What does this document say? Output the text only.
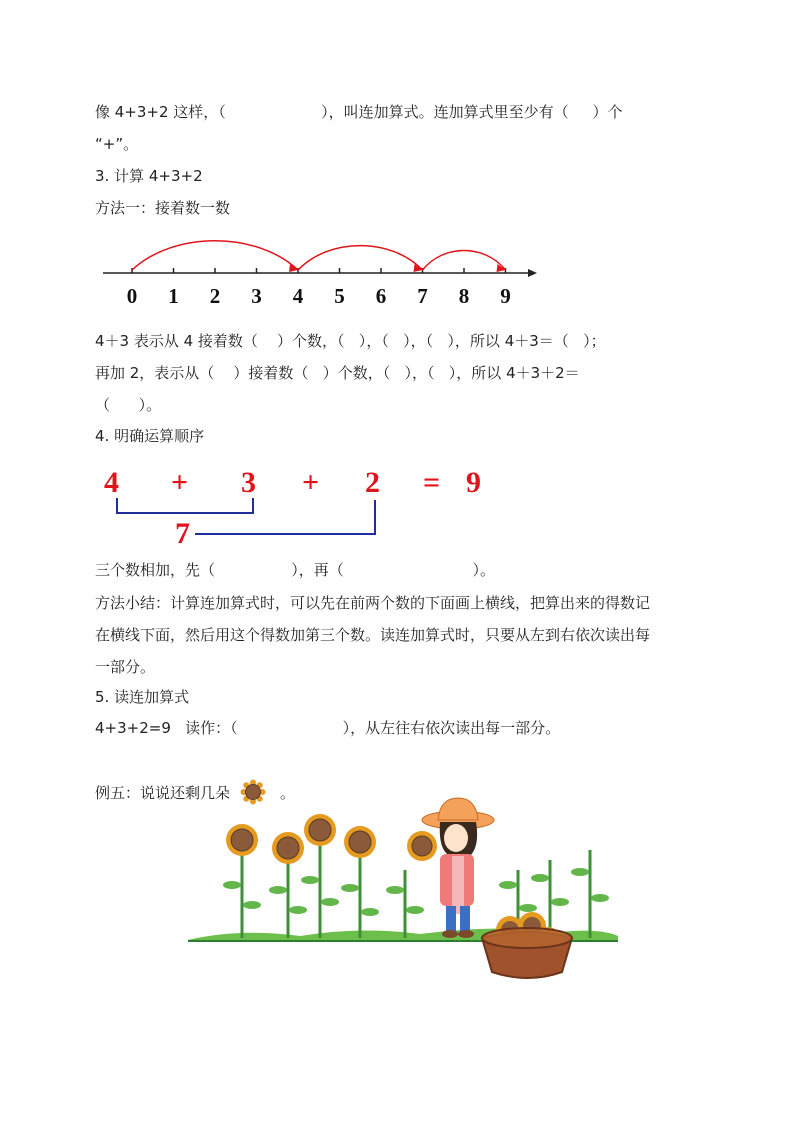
像 4+3+2 这样，（                    ），叫连加算式。连加算式里至少有（     ）个
“+”。
3. 计算 4+3+2
方法一：接着数一数
0 1 2 3 4 5 6 7 8 9
4 + 3 + 2 = 9
7
4＋3 表示从 4 接着数（    ）个数，（   ），（   ），（   ），所以 4＋3＝（   ）；
再加 2，表示从（    ）接着数（   ）个数，（   ），（   ），所以 4＋3＋2＝
（      ）。
4. 明确运算顺序
三个数相加，先（                ），再（                           ）。
方法小结：计算连加算式时，可以先在前两个数的下面画上横线，把算出来的得数记
在横线下面，然后用这个得数加第三个数。读连加算式时，只要从左到右依次读出每
一部分。
5. 读连加算式
4+3+2=9   读作：（                      ），从左往右依次读出每一部分。
例五：说说还剩几朵
	。
